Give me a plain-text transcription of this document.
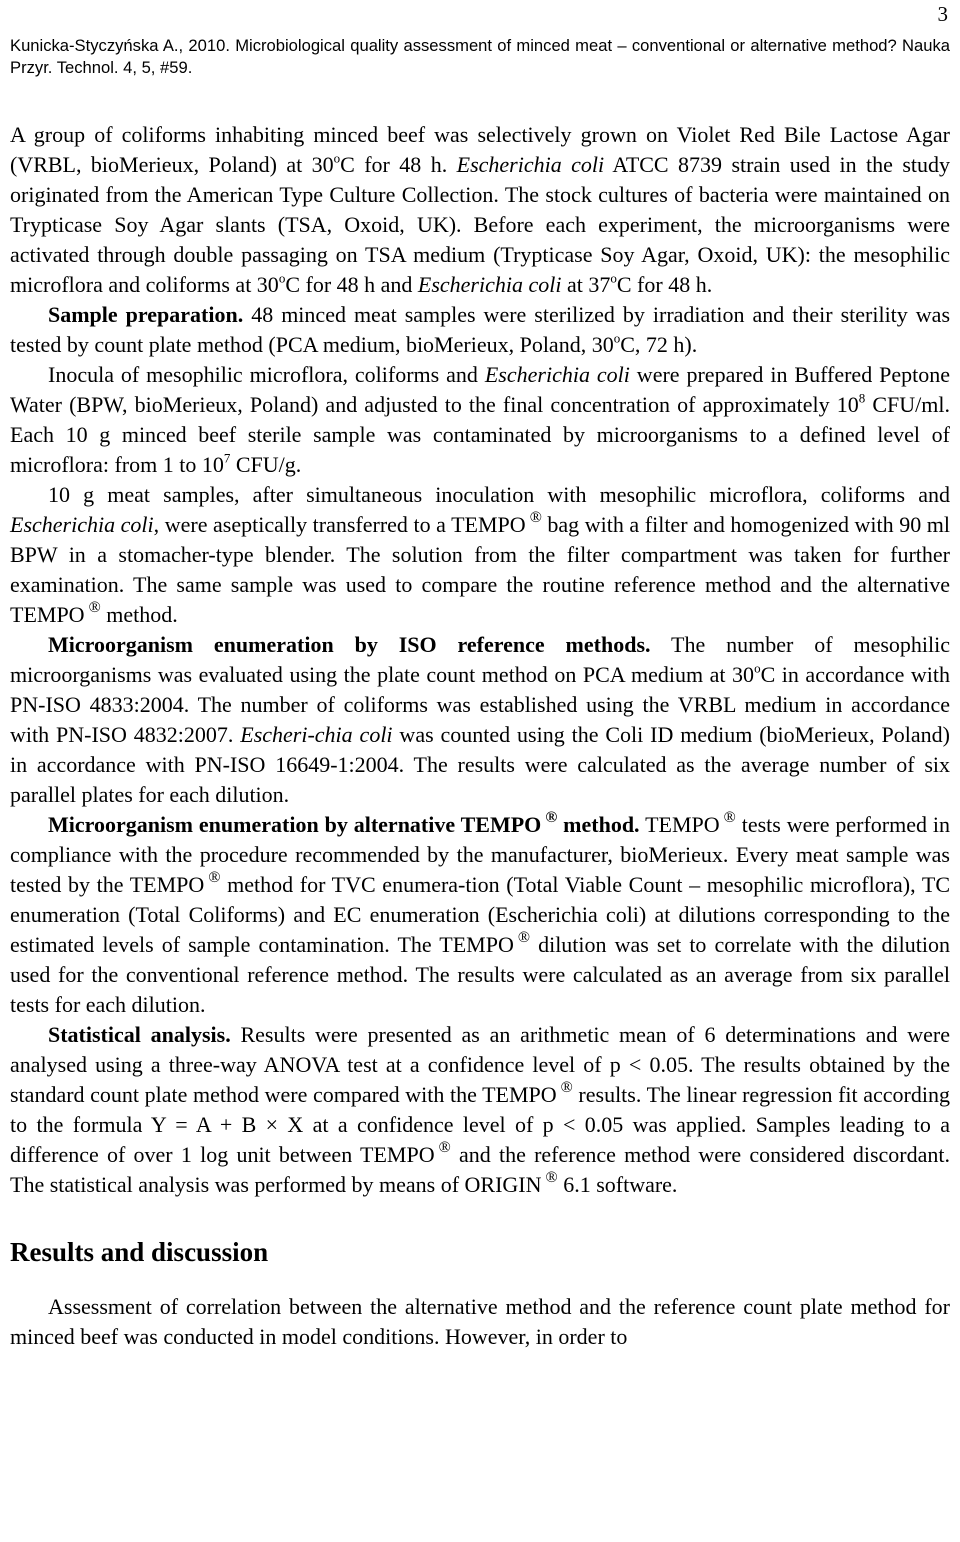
3
Kunicka-Styczyńska A., 2010. Microbiological quality assessment of minced meat – conventional or alternative method? Nauka Przyr. Technol. 4, 5, #59.

A group of coliforms inhabiting minced beef was selectively grown on Violet Red Bile Lactose Agar (VRBL, bioMerieux, Poland) at 30$^o$C for 48 h. Escherichia coli ATCC 8739 strain used in the study originated from the American Type Culture Collection. The stock cultures of bacteria were maintained on Trypticase Soy Agar slants (TSA, Oxoid, UK). Before each experiment, the microorganisms were activated through double passaging on TSA medium (Trypticase Soy Agar, Oxoid, UK): the mesophilic microflora and coliforms at 30$^o$C for 48 h and Escherichia coli at 37$^o$C for 48 h.

Sample preparation. 48 minced meat samples were sterilized by irradiation and their sterility was tested by count plate method (PCA medium, bioMerieux, Poland, 30$^o$C, 72 h).

Inocula of mesophilic microflora, coliforms and Escherichia coli were prepared in Buffered Peptone Water (BPW, bioMerieux, Poland) and adjusted to the final concentration of approximately $10^8$ CFU/ml. Each 10 g minced beef sterile sample was contaminated by microorganisms to a defined level of microflora: from 1 to $10^7$ CFU/g.

10 g meat samples, after simultaneous inoculation with mesophilic microflora, coliforms and Escherichia coli, were aseptically transferred to a TEMPO ® bag with a filter and homogenized with 90 ml BPW in a stomacher-type blender. The solution from the filter compartment was taken for further examination. The same sample was used to compare the routine reference method and the alternative TEMPO ® method.

Microorganism enumeration by ISO reference methods. The number of mesophilic microorganisms was evaluated using the plate count method on PCA medium at 30$^o$C in accordance with PN-ISO 4833:2004. The number of coliforms was established using the VRBL medium in accordance with PN-ISO 4832:2007. Escheri-chia coli was counted using the Coli ID medium (bioMerieux, Poland) in accordance with PN-ISO 16649-1:2004. The results were calculated as the average number of six parallel plates for each dilution.

Microorganism enumeration by alternative TEMPO ® method. TEMPO ® tests were performed in compliance with the procedure recommended by the manufacturer, bioMerieux. Every meat sample was tested by the TEMPO ® method for TVC enumera-tion (Total Viable Count – mesophilic microflora), TC enumeration (Total Coliforms) and EC enumeration (Escherichia coli) at dilutions corresponding to the estimated levels of sample contamination. The TEMPO ® dilution was set to correlate with the dilution used for the conventional reference method. The results were calculated as an average from six parallel tests for each dilution.

Statistical analysis. Results were presented as an arithmetic mean of 6 determinations and were analysed using a three-way ANOVA test at a confidence level of p < 0.05. The results obtained by the standard count plate method were compared with the TEMPO ® results. The linear regression fit according to the formula Y = A + B × X at a confidence level of p < 0.05 was applied. Samples leading to a difference of over 1 log unit between TEMPO ® and the reference method were considered discordant. The statistical analysis was performed by means of ORIGIN ® 6.1 software.

Results and discussion

Assessment of correlation between the alternative method and the reference count plate method for minced beef was conducted in model conditions. However, in order to
